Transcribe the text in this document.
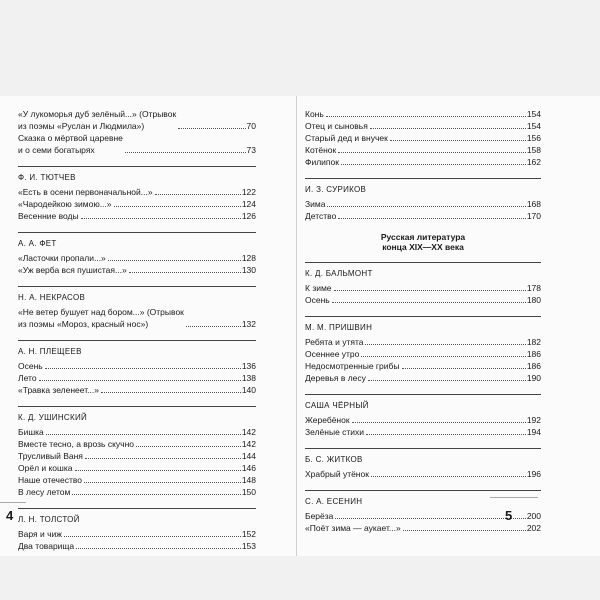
«У лукоморья дуб зелёный...» (Отрывок
из поэмы «Руслан и Людмила»)	70
Сказка о мёртвой царевне
и о семи богатырях	73
Ф. И. ТЮТЧЕВ
«Есть в осени первоначальной...»	122
«Чародейкою зимою...»	124
Весенние воды	126
А. А. ФЕТ
«Ласточки пропали...»	128
«Уж верба вся пушистая...»	130
Н. А. НЕКРАСОВ
«Не ветер бушует над бором...» (Отрывок
из поэмы «Мороз, красный нос»)	132
А. Н. ПЛЕЩЕЕВ
Осень	136
Лето	138
«Травка зеленеет...»	140
К. Д. УШИНСКИЙ
Бишка	142
Вместе тесно, а врозь скучно	142
Трусливый Ваня	144
Орёл и кошка	146
Наше отечество	148
В лесу летом	150
Л. Н. ТОЛСТОЙ
Варя и чиж	152
Два товарища	153
Конь	154
Отец и сыновья	154
Старый дед и внучек	156
Котёнок	158
Филипок	162
И. З. СУРИКОВ
Зима	168
Детство	170
Русская литература
конца XIX—XX века
К. Д. БАЛЬМОНТ
К зиме	178
Осень	180
М. М. ПРИШВИН
Ребята и утята	182
Осеннее утро	186
Недосмотренные грибы	186
Деревья в лесу	190
САША ЧЁРНЫЙ
Жеребёнок	192
Зелёные стихи	194
Б. С. ЖИТКОВ
Храбрый утёнок	196
С. А. ЕСЕНИН
Берёза	200
«Поёт зима — аукает...»	202
4	5
